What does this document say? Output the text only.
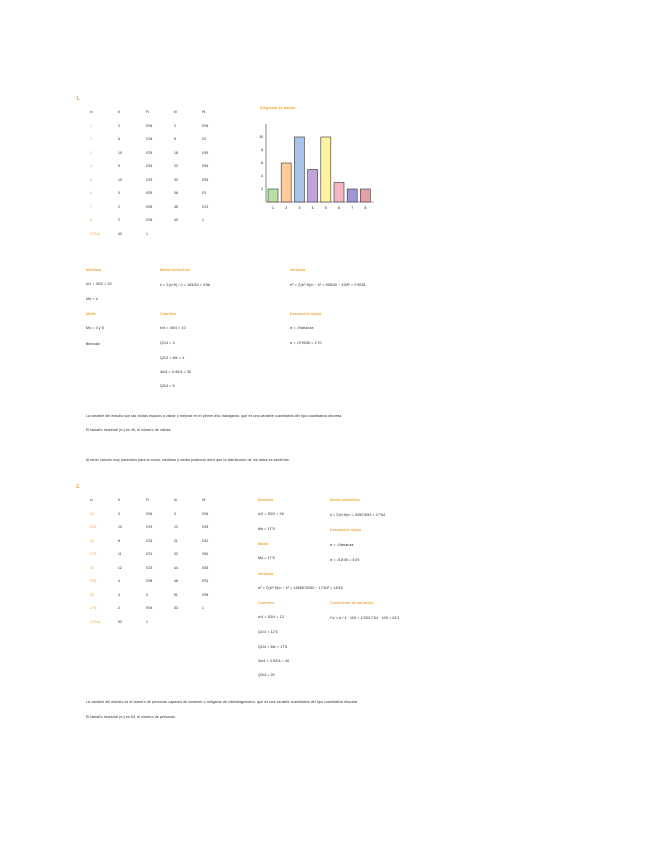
1.
xi	fi	Fi	hi	Hi
1	2	0'06	2	0'06
2	6	0'18	8	0'2
3	10	0'29	18	0'49
4	5	0'15	23	0'64
5	10	0'29	33	0'93
6	3	0'09	36	0'1
7	2	0'06	38	0'12
8	2	0'06	40	1
TOTAL	40	1
Diagrama de barras
2
4
6
8
10
1	2	3	4	5	6	7	8
Mediana
n/2 = 40/2 = 20
Me = 4
Media aritmética
x̄ = Σ(xi·fi) / n = 183/40 = 4'58
Varianza
σ² = Σ(xi²·fi)/n − x̄² = 958/40 − 4'58² = 2'9036
Moda
Mo = 3 y 5
Bimodal
Cuartiles
n/4 = 40/4 = 10
Q1/4 = 3
Q2/4 = Me = 4
3n/4 = 3·40/4 = 30
Q3/4 = 5
Desviación típica
σ = √Varianza
σ = √2'9036 = 1'70
La variable del estudio son las visitas espacio a visitar o mejorar en el primer año trabajando, que es una variable cuantitativa del tipo cuantitativa discreta.
El tamaño muestral (n²) es 40, el número de visitas.
Al tener valores muy parecidos para la moda, mediana y media podemos decir que la distribución de los datos es simétrica.
2.
xi	fi	Fi	hi	Hi
10	3	0'06	3	0'06
12'5	10	0'19	13	0'25
15	8	0'15	21	0'40
17'5	11	0'21	32	0'60
20	12	0'23	44	0'83
22'5	4	0'08	48	0'91
25	3	0	51	0'96
27'5	2	0'04	53	1
TOTAL	53	1
Mediana
n/2 = 53/2 = 26
Me = 17'5
Media aritmética
x̄ = Σ(xi·fi)/n = 9352'5/53 = 17'64
Moda
Mo = 17'5
Desviación típica
σ = √Varianza
σ = √18'45 = 4'29
Varianza
σ² = Σ(xi²·fi)/n − x̄² = 16956'25/53 − 17'64² = 18'45
Cuartiles
n/4 = 53/4 = 13
Q1/4 = 12'5
Q2/4 = Me = 17'5
3n/4 = 3·53/4 = 40
Q3/4 = 20
Coeficiente de variación
Cv = σ / x̄ · 100 = 4'29/17'64 · 100 = 24'3
La variable del estudio es el número de personas capaces de sostener o mitigarse de ciberdiagnóstico, que es una variable cuantitativa del tipo cuantitativa discreta.
El tamaño muestral (n²) es 53, el número de personas.
